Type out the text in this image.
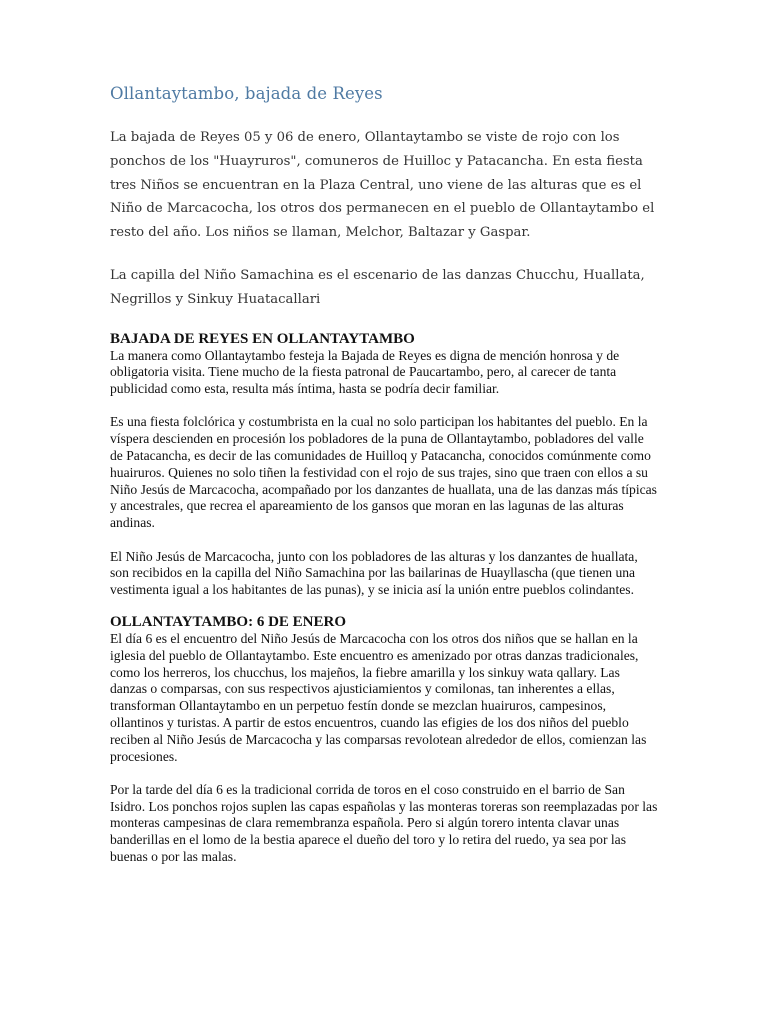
Ollantaytambo, bajada de Reyes

La bajada de Reyes 05 y 06 de enero, Ollantaytambo se viste de rojo con los ponchos de los "Huayruros", comuneros de Huilloc y Patacancha. En esta fiesta tres Niños se encuentran en la Plaza Central, uno viene de las alturas que es el Niño de Marcacocha, los otros dos permanecen en el pueblo de Ollantaytambo el resto del año. Los niños se llaman, Melchor, Baltazar y Gaspar.

La capilla del Niño Samachina es el escenario de las danzas Chucchu, Huallata, Negrillos y Sinkuy Huatacallari

BAJADA DE REYES EN OLLANTAYTAMBO

La manera como Ollantaytambo festeja la Bajada de Reyes es digna de mención honrosa y de obligatoria visita. Tiene mucho de la fiesta patronal de Paucartambo, pero, al carecer de tanta publicidad como esta, resulta más íntima, hasta se podría decir familiar.

Es una fiesta folclórica y costumbrista en la cual no solo participan los habitantes del pueblo. En la víspera descienden en procesión los pobladores de la puna de Ollantaytambo, pobladores del valle de Patacancha, es decir de las comunidades de Huilloq y Patacancha, conocidos comúnmente como huairuros. Quienes no solo tiñen la festividad con el rojo de sus trajes, sino que traen con ellos a su Niño Jesús de Marcacocha, acompañado por los danzantes de huallata, una de las danzas más típicas y ancestrales, que recrea el apareamiento de los gansos que moran en las lagunas de las alturas andinas.

El Niño Jesús de Marcacocha, junto con los pobladores de las alturas y los danzantes de huallata, son recibidos en la capilla del Niño Samachina por las bailarinas de Huayllascha (que tienen una vestimenta igual a los habitantes de las punas), y se inicia así la unión entre pueblos colindantes.

OLLANTAYTAMBO: 6 DE ENERO

El día 6 es el encuentro del Niño Jesús de Marcacocha con los otros dos niños que se hallan en la iglesia del pueblo de Ollantaytambo. Este encuentro es amenizado por otras danzas tradicionales, como los herreros, los chucchus, los majeños, la fiebre amarilla y los sinkuy wata qallary. Las danzas o comparsas, con sus respectivos ajusticiamientos y comilonas, tan inherentes a ellas, transforman Ollantaytambo en un perpetuo festín donde se mezclan huairuros, campesinos, ollantinos y turistas. A partir de estos encuentros, cuando las efigies de los dos niños del pueblo reciben al Niño Jesús de Marcacocha y las comparsas revolotean alrededor de ellos, comienzan las procesiones.

Por la tarde del día 6 es la tradicional corrida de toros en el coso construido en el barrio de San Isidro. Los ponchos rojos suplen las capas españolas y las monteras toreras son reemplazadas por las monteras campesinas de clara remembranza española. Pero si algún torero intenta clavar unas banderillas en el lomo de la bestia aparece el dueño del toro y lo retira del ruedo, ya sea por las buenas o por las malas.
